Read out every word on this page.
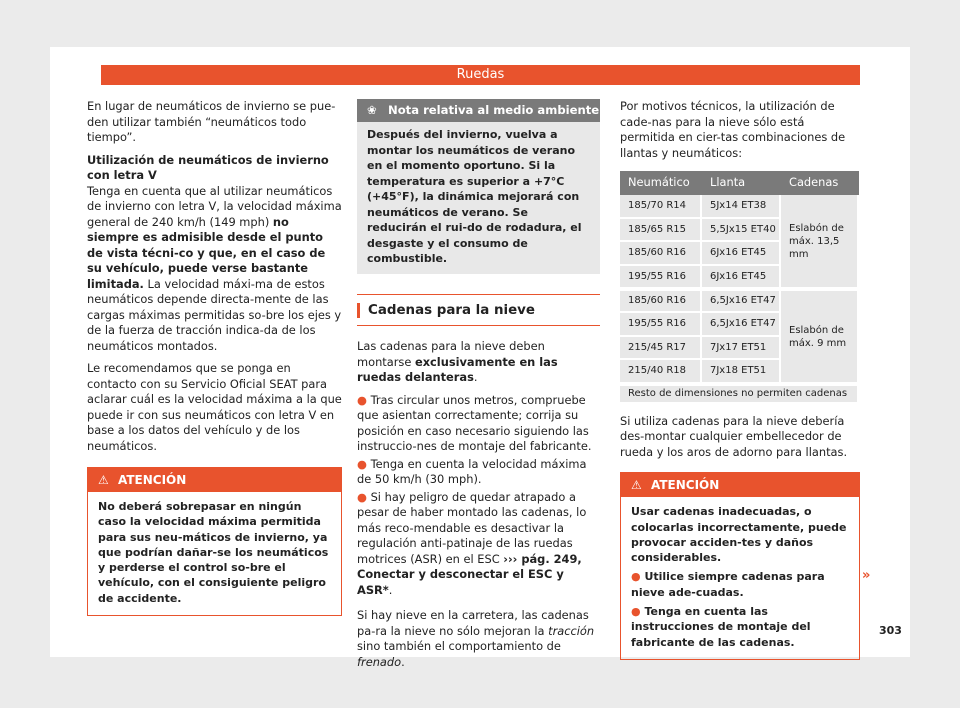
Ruedas

En lugar de neumáticos de invierno se pue-den utilizar también “neumáticos todo tiempo”.

Utilización de neumáticos de invierno con letra V

Tenga en cuenta que al utilizar neumáticos de invierno con letra V, la velocidad máxima general de 240 km/h (149 mph) no siempre es admisible desde el punto de vista técni-co y que, en el caso de su vehículo, puede verse bastante limitada. La velocidad máxi-ma de estos neumáticos depende directa-mente de las cargas máximas permitidas so-bre los ejes y de la fuerza de tracción indica-da de los neumáticos montados.

Le recomendamos que se ponga en contacto con su Servicio Oficial SEAT para aclarar cuál es la velocidad máxima a la que puede ir con sus neumáticos con letra V en base a los datos del vehículo y de los neumáticos.

⚠ ATENCIÓN
No deberá sobrepasar en ningún caso la velocidad máxima permitida para sus neu-máticos de invierno, ya que podrían dañar-se los neumáticos y perderse el control so-bre el vehículo, con el consiguiente peligro de accidente.
❀ Nota relativa al medio ambiente
Después del invierno, vuelva a montar los neumáticos de verano en el momento oportuno. Si la temperatura es superior a +7°C (+45°F), la dinámica mejorará con neumáticos de verano. Se reducirán el rui-do de rodadura, el desgaste y el consumo de combustible.
Cadenas para la nieve

Las cadenas para la nieve deben montarse exclusivamente en las ruedas delanteras.

● Tras circular unos metros, compruebe que asientan correctamente; corrija su posición en caso necesario siguiendo las instruccio-nes de montaje del fabricante.

● Tenga en cuenta la velocidad máxima de 50 km/h (30 mph).

● Si hay peligro de quedar atrapado a pesar de haber montado las cadenas, lo más reco-mendable es desactivar la regulación anti-patinaje de las ruedas motrices (ASR) en el ESC ››› pág. 249, Conectar y desconectar el ESC y ASR*.

Si hay nieve en la carretera, las cadenas pa-ra la nieve no sólo mejoran la tracción sino también el comportamiento de frenado.

Por motivos técnicos, la utilización de cade-nas para la nieve sólo está permitida en cier-tas combinaciones de llantas y neumáticos:

Neumático	Llanta	Cadenas
185/70 R14	5Jx14 ET38	Eslabón de máx. 13,5 mm
185/65 R15	5,5Jx15 ET40	
185/60 R16	6Jx16 ET45	
195/55 R16	6Jx16 ET45	
185/60 R16	6,5Jx16 ET47	Eslabón de máx. 9 mm
195/55 R16	6,5Jx16 ET47	
215/45 R17	7Jx17 ET51	
215/40 R18	7Jx18 ET51	
Resto de dimensiones no permiten cadenas		

Si utiliza cadenas para la nieve debería des-montar cualquier embellecedor de rueda y los aros de adorno para llantas.

⚠ ATENCIÓN

Usar cadenas inadecuadas, o colocarlas incorrectamente, puede provocar acciden-tes y daños considerables.

● Utilice siempre cadenas para nieve ade-cuadas.

● Tenga en cuenta las instrucciones de montaje del fabricante de las cadenas.

»
303
